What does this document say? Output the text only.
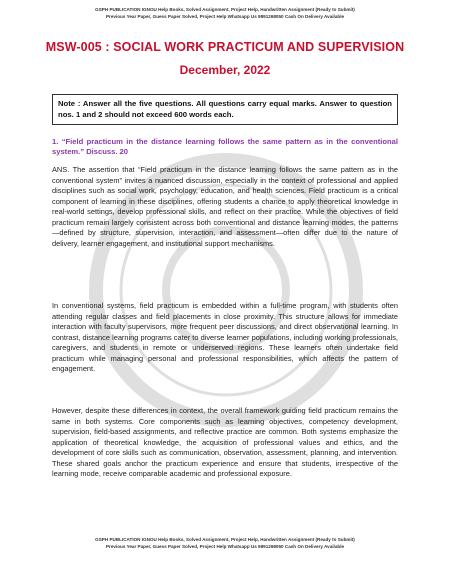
GSPH PUBLICATION IGNOU Help Books, Solved Assignment, Project Help, Handwritten Assignment (Ready to Submit)
Previous Year Paper, Guess Paper Solved, Project Help Whatsapp Us 9891268050 Cash On Delivery Available
MSW-005 : SOCIAL WORK PRACTICUM AND SUPERVISION
December, 2022
Note : Answer all the five questions. All questions carry equal marks. Answer to question nos. 1 and 2 should not exceed 600 words each.
1. “Field practicum in the distance learning follows the same pattern as in the conventional system.” Discuss. 20
ANS. The assertion that “Field practicum in the distance learning follows the same pattern as in the conventional system” invites a nuanced discussion, especially in the context of professional and applied disciplines such as social work, psychology, education, and health sciences. Field practicum is a critical component of learning in these disciplines, offering students a chance to apply theoretical knowledge in real-world settings, develop professional skills, and reflect on their practice. While the objectives of field practicum remain largely consistent across both conventional and distance learning modes, the patterns—defined by structure, supervision, interaction, and assessment—often differ due to the nature of delivery, learner engagement, and institutional support mechanisms.
In conventional systems, field practicum is embedded within a full-time program, with students often attending regular classes and field placements in close proximity. This structure allows for immediate interaction with faculty supervisors, more frequent peer discussions, and direct observational learning. In contrast, distance learning programs cater to diverse learner populations, including working professionals, caregivers, and students in remote or underserved regions. These learners often undertake field practicum while managing personal and professional responsibilities, which affects the pattern of engagement.
However, despite these differences in context, the overall framework guiding field practicum remains the same in both systems. Core components such as learning objectives, competency development, supervision, field-based assignments, and reflective practice are common. Both systems emphasize the application of theoretical knowledge, the acquisition of professional values and ethics, and the development of core skills such as communication, observation, assessment, planning, and intervention. These shared goals anchor the practicum experience and ensure that students, irrespective of the learning mode, receive comparable academic and professional exposure.
GSPH PUBLICATION IGNOU Help Books, Solved Assignment, Project Help, Handwritten Assignment (Ready to Submit)
Previous Year Paper, Guess Paper Solved, Project Help Whatsapp Us 9891268050 Cash On Delivery Available
